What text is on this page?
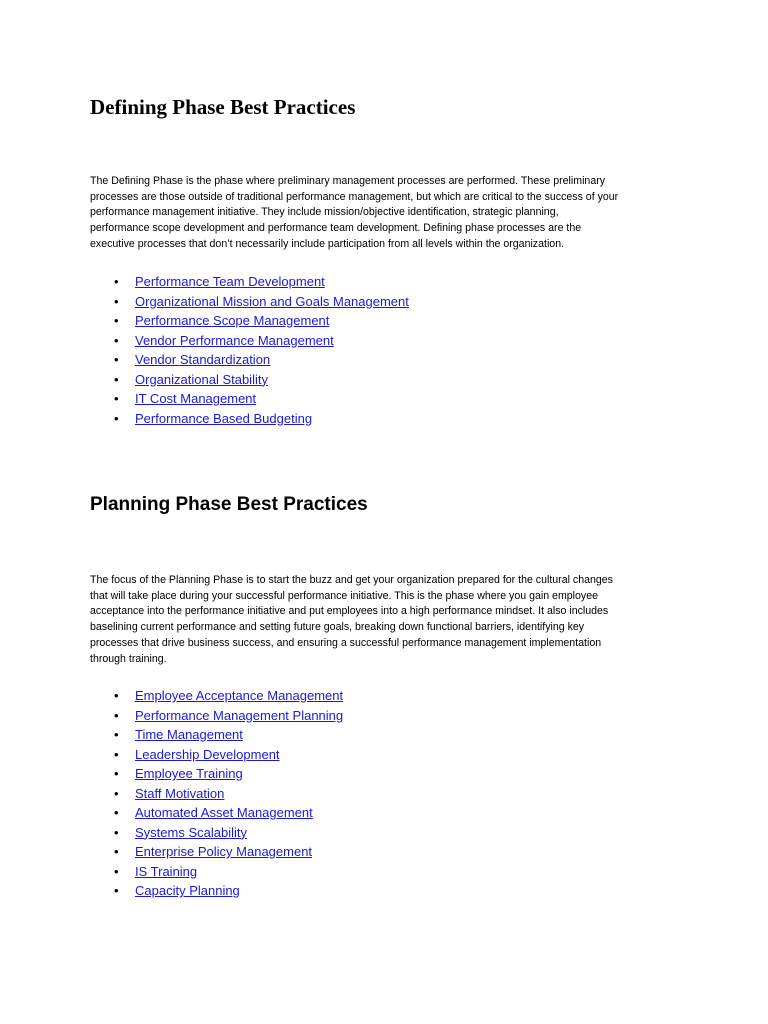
Defining Phase Best Practices

The Defining Phase is the phase where preliminary management processes are performed. These preliminary
processes are those outside of traditional performance management, but which are critical to the success of your
performance management initiative. They include mission/objective identification, strategic planning,
performance scope development and performance team development. Defining phase processes are the
executive processes that don’t necessarily include participation from all levels within the organization.

• Performance Team Development
• Organizational Mission and Goals Management
• Performance Scope Management
• Vendor Performance Management
• Vendor Standardization
• Organizational Stability
• IT Cost Management
• Performance Based Budgeting
Planning Phase Best Practices

The focus of the Planning Phase is to start the buzz and get your organization prepared for the cultural changes
that will take place during your successful performance initiative. This is the phase where you gain employee
acceptance into the performance initiative and put employees into a high performance mindset. It also includes
baselining current performance and setting future goals, breaking down functional barriers, identifying key
processes that drive business success, and ensuring a successful performance management implementation
through training.

• Employee Acceptance Management
• Performance Management Planning
• Time Management
• Leadership Development
• Employee Training
• Staff Motivation
• Automated Asset Management
• Systems Scalability
• Enterprise Policy Management
• IS Training
• Capacity Planning
